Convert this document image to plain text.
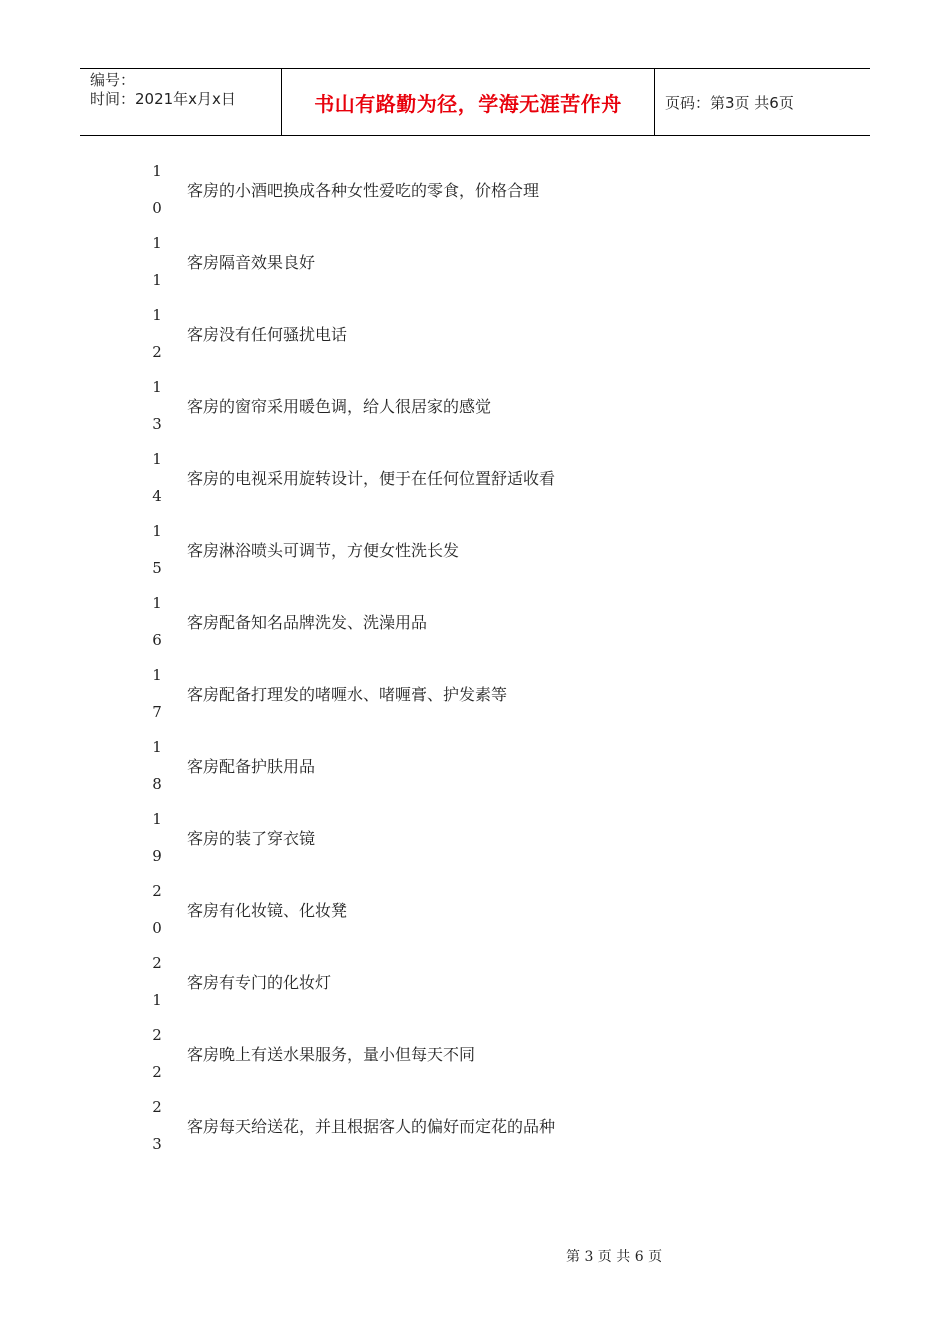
编号：
时间：2021年x月x日	书山有路勤为径，学海无涯苦作舟	页码：第3页 共6页
1
0
客房的小酒吧换成各种女性爱吃的零食，价格合理
1
1
客房隔音效果良好
1
2
客房没有任何骚扰电话
1
3
客房的窗帘采用暖色调，给人很居家的感觉
1
4
客房的电视采用旋转设计，便于在任何位置舒适收看
1
5
客房淋浴喷头可调节，方便女性洗长发
1
6
客房配备知名品牌洗发、洗澡用品
1
7
客房配备打理发的啫喱水、啫喱膏、护发素等
1
8
客房配备护肤用品
1
9
客房的装了穿衣镜
2
0
客房有化妆镜、化妆凳
2
1
客房有专门的化妆灯
2
2
客房晚上有送水果服务，量小但每天不同
2
3
客房每天给送花，并且根据客人的偏好而定花的品种
第 3 页 共 6 页
